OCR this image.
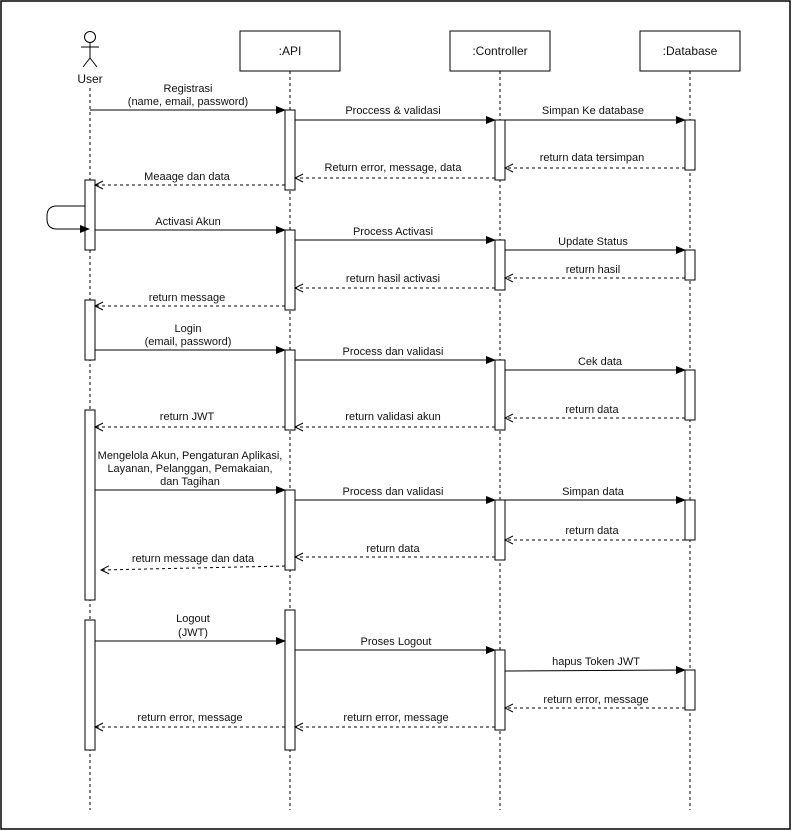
User
:API	:Controller	:Database
Registrasi
(name, email, password)
Proccess & validasi	Simpan Ke database
return data tersimpan
Return error, message, data
Meaage dan data
Activasi Akun
Process Activasi
Update Status
return hasil
return hasil activasi
return message
Login
(email, password)
Process dan validasi
Cek data
return data
return validasi akun
return JWT
Mengelola Akun, Pengaturan Aplikasi,
Layanan, Pelanggan, Pemakaian,
dan Tagihan
Process dan validasi	Simpan data
return data
return data
return message dan data
Logout
(JWT)
Proses Logout
hapus Token JWT
return error, message
return error, message
return error, message
